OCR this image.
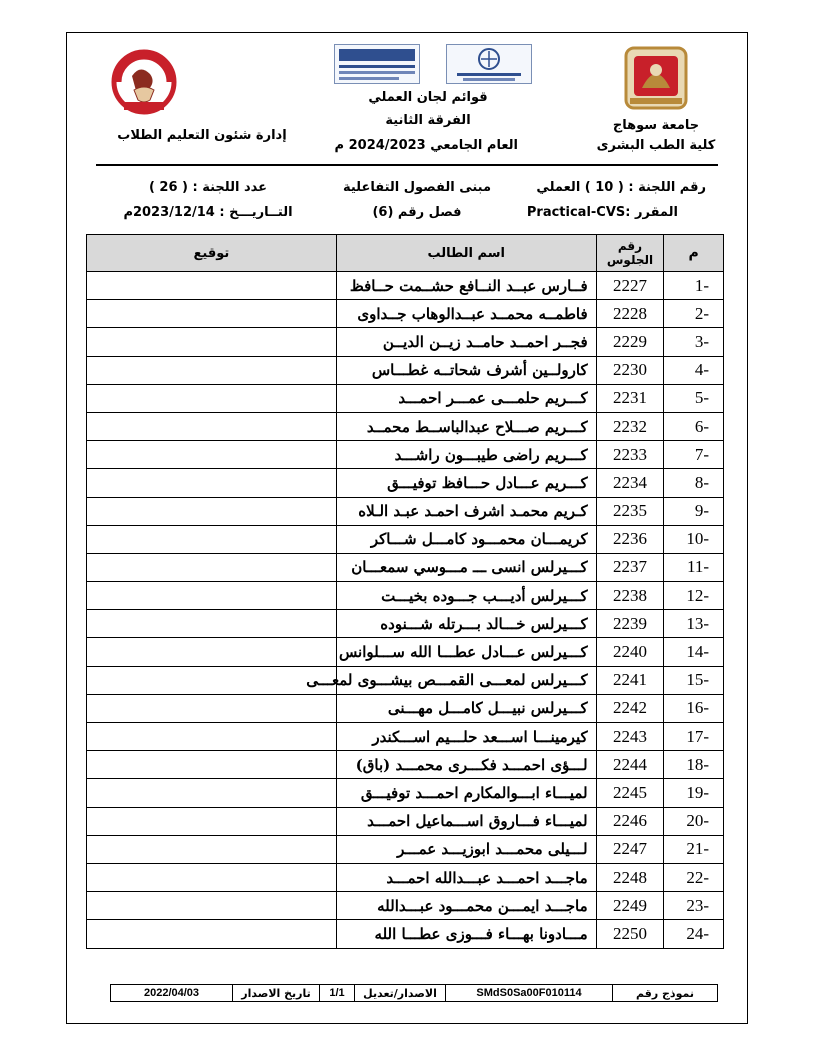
إدارة شئون التعليم الطلاب
قوائم لجان العملي
الفرقة الثانية
العام الجامعي 2024/2023 م
جامعة سوهاج
كلية الطب البشرى
رقم اللجنة : ( 10 ) العملي
مبنى الفصول التفاعلية
عدد اللجنة : ( 26 )
المقرر :Practical-CVS
فصل رقم (6)
التــاريـــخ : 2023/12/14م
م	رقم الجلوس	اسم الطالب	توقيع
-1	2227	فــارس عبــد النــافع حشــمت حــافظ	
-2	2228	فاطمــه محمــد عبــدالوهاب جــداوى	
-3	2229	فجــر احمــد حامــد زيــن الديــن	
-4	2230	كارولــين أشرف شحاتــه غطـــاس	
-5	2231	كـــريم حلمـــى عمـــر احمـــد	
-6	2232	كـــريم صـــلاح عبدالباســط محمــد	
-7	2233	كـــريم راضى طيبـــون راشـــد	
-8	2234	كـــريم عـــادل حـــافظ توفيـــق	
-9	2235	كـريم محمـد اشرف احمـد عبـد الـلاه	
-10	2236	كريمـــان محمـــود كامـــل شـــاكر	
-11	2237	كـــيرلس انسى ـــ مـــوسي سمعـــان	
-12	2238	كـــيرلس أديـــب جـــوده بخيـــت	
-13	2239	كـــيرلس خـــالد بـــرتله شـــنوده	
-14	2240	كـــيرلس عـــادل عطـــا الله ســـلوانس	
-15	2241	كـــيرلس لمعـــى القمـــص بيشـــوى لمعـــى	
-16	2242	كـــيرلس نبيـــل كامـــل مهـــنى	
-17	2243	كيرمينـــا اســـعد حلـــيم اســـكندر	
-18	2244	لـــؤى احمـــد فكـــرى محمـــد (باق)	
-19	2245	لميـــاء ابـــوالمكارم احمـــد توفيـــق	
-20	2246	لميـــاء فـــاروق اســـماعيل احمـــد	
-21	2247	لـــيلى محمـــد ابوزيـــد عمـــر	
-22	2248	ماجـــد احمـــد عبـــدالله احمـــد	
-23	2249	ماجـــد ايمـــن محمـــود عبـــدالله	
-24	2250	مـــادونا بهـــاء فـــوزى عطـــا الله	
نموذج رقم	SMdS0Sa00F010114	الاصدار/تعديل	1/1	تاريخ الاصدار	2022/04/03
